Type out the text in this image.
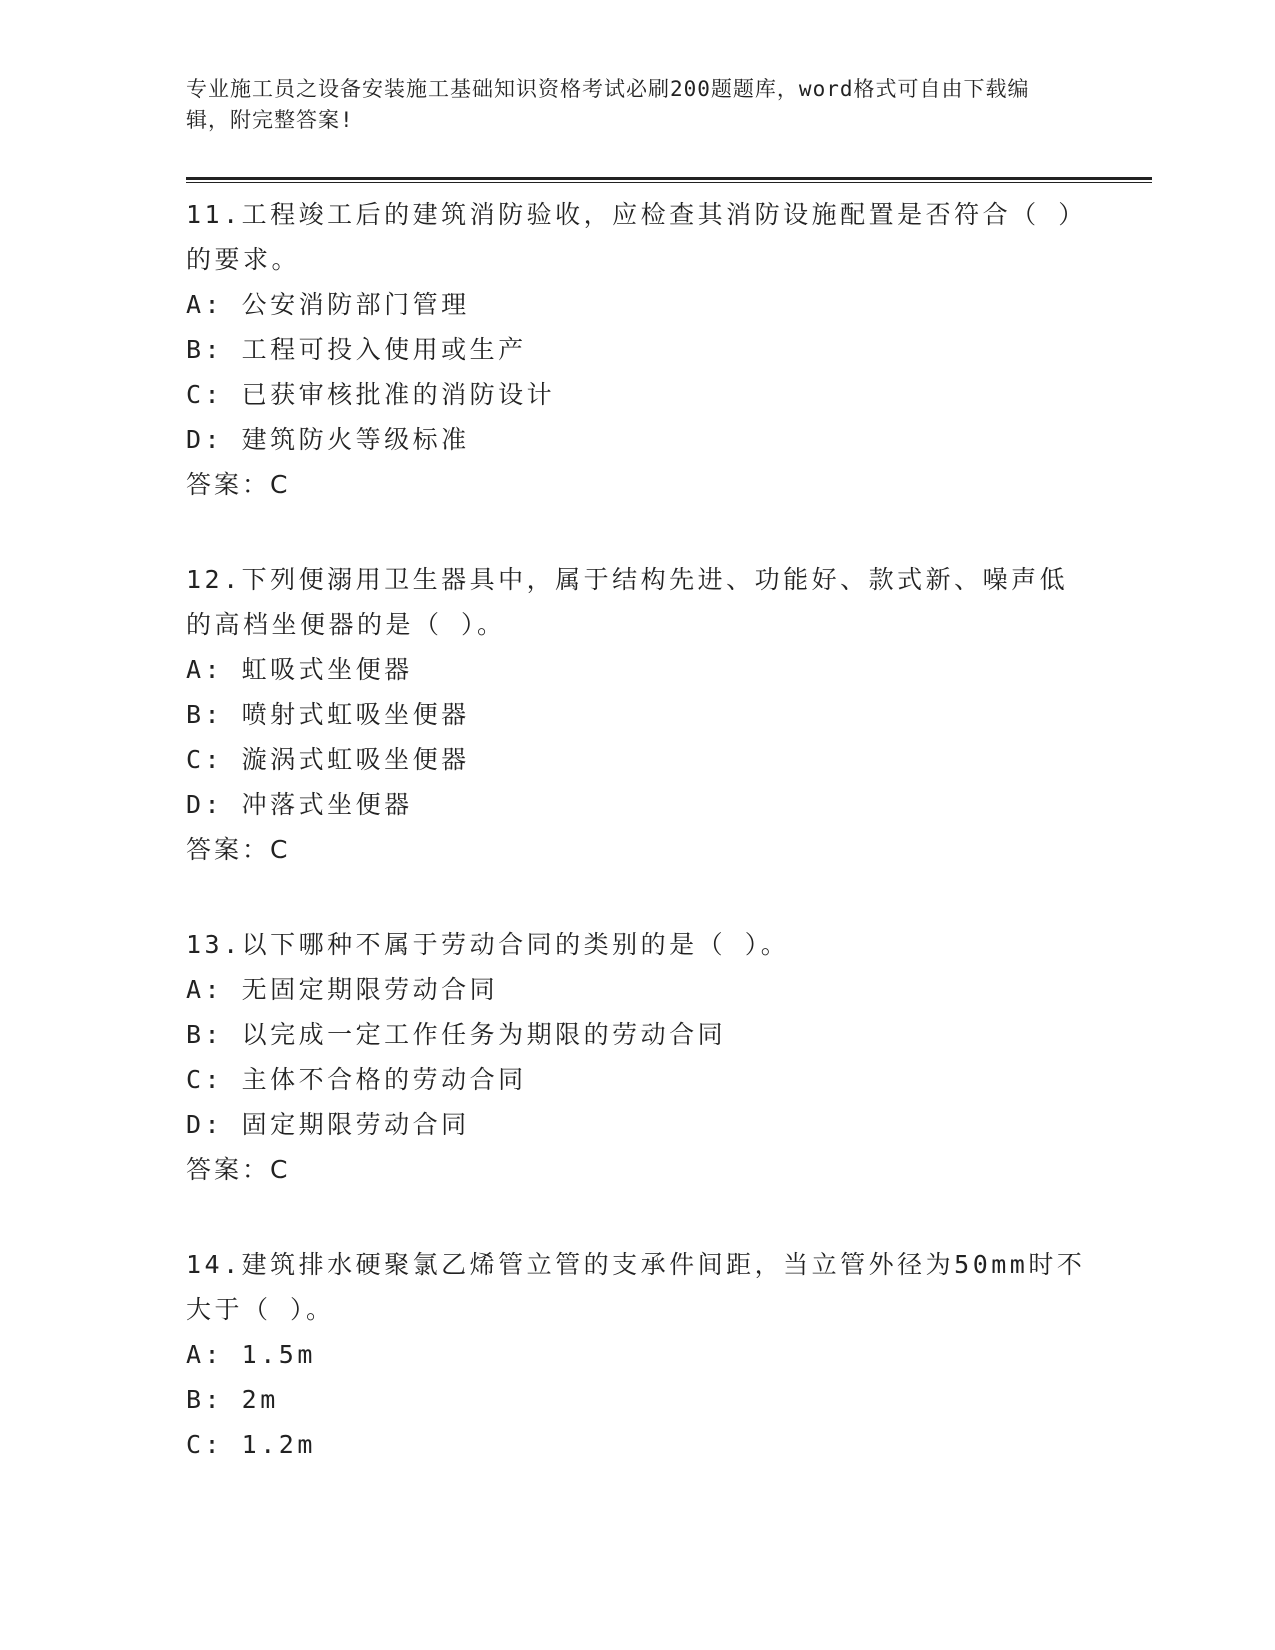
专业施工员之设备安装施工基础知识资格考试必刷200题题库，word格式可自由下载编辑，附完整答案!

11.工程竣工后的建筑消防验收，应检查其消防设施配置是否符合（ ）的要求。

A: 公安消防部门管理

B: 工程可投入使用或生产

C: 已获审核批准的消防设计

D: 建筑防火等级标准

答案：C

12.下列便溺用卫生器具中，属于结构先进、功能好、款式新、噪声低的高档坐便器的是（ ）。

A: 虹吸式坐便器

B: 喷射式虹吸坐便器

C: 漩涡式虹吸坐便器

D: 冲落式坐便器

答案：C

13.以下哪种不属于劳动合同的类别的是（ ）。

A: 无固定期限劳动合同

B: 以完成一定工作任务为期限的劳动合同

C: 主体不合格的劳动合同

D: 固定期限劳动合同

答案：C

14.建筑排水硬聚氯乙烯管立管的支承件间距，当立管外径为50mm时不大于（ ）。

A: 1.5m

B: 2m

C: 1.2m
